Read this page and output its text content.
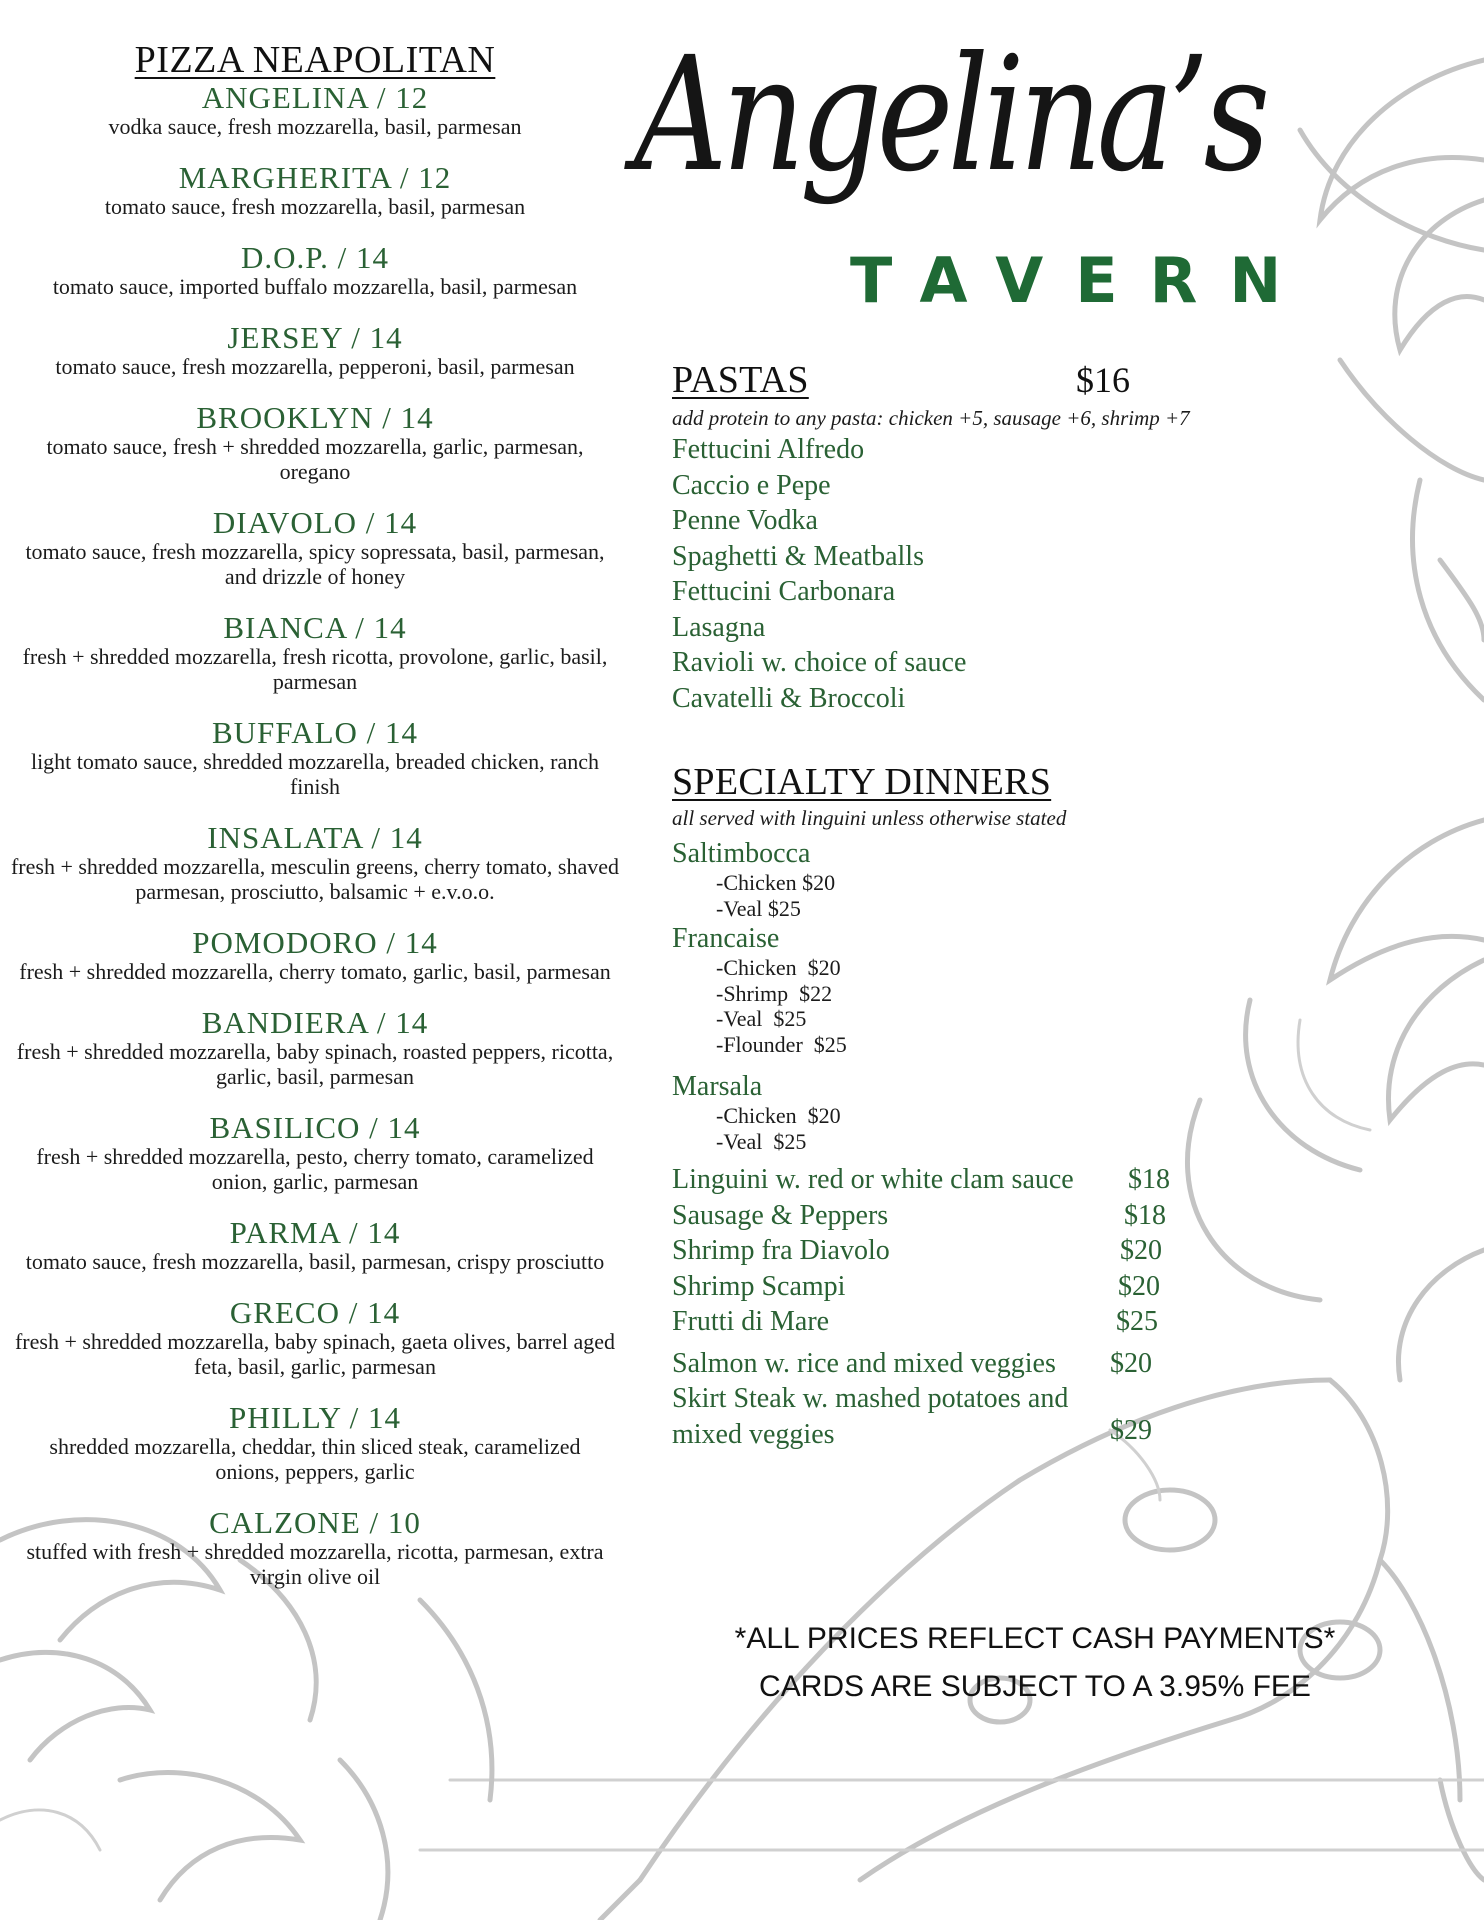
PIZZA NEAPOLITAN
ANGELINA / 12
vodka sauce, fresh mozzarella, basil, parmesan
MARGHERITA / 12
tomato sauce, fresh mozzarella, basil, parmesan
D.O.P. / 14
tomato sauce, imported buffalo mozzarella, basil, parmesan
JERSEY / 14
tomato sauce, fresh mozzarella, pepperoni, basil, parmesan
BROOKLYN / 14
tomato sauce, fresh + shredded mozzarella, garlic, parmesan, oregano
DIAVOLO / 14
tomato sauce, fresh mozzarella, spicy sopressata, basil, parmesan, and drizzle of honey
BIANCA / 14
fresh + shredded mozzarella, fresh ricotta, provolone, garlic, basil, parmesan
BUFFALO / 14
light tomato sauce, shredded mozzarella, breaded chicken, ranch finish
INSALATA / 14
fresh + shredded mozzarella, mesculin greens, cherry tomato, shaved parmesan, prosciutto, balsamic + e.v.o.o.
POMODORO / 14
fresh + shredded mozzarella, cherry tomato, garlic, basil, parmesan
BANDIERA / 14
fresh + shredded mozzarella, baby spinach, roasted peppers, ricotta, garlic, basil, parmesan
BASILICO / 14
fresh + shredded mozzarella, pesto, cherry tomato, caramelized onion, garlic, parmesan
PARMA / 14
tomato sauce, fresh mozzarella, basil, parmesan, crispy prosciutto
GRECO / 14
fresh + shredded mozzarella, baby spinach, gaeta olives, barrel aged feta, basil, garlic, parmesan
PHILLY / 14
shredded mozzarella, cheddar, thin sliced steak, caramelized onions, peppers, garlic
CALZONE / 10
stuffed with fresh + shredded mozzarella, ricotta, parmesan, extra virgin olive oil
Angelina’s
TAVERN
PASTAS	$16
add protein to any pasta: chicken +5, sausage +6, shrimp +7
Fettucini Alfredo
Caccio e Pepe
Penne Vodka
Spaghetti & Meatballs
Fettucini Carbonara
Lasagna
Ravioli w. choice of sauce
Cavatelli & Broccoli
SPECIALTY DINNERS
all served with linguini unless otherwise stated
Saltimbocca
-Chicken $20
-Veal $25
Francaise
-Chicken  $20
-Shrimp  $22
-Veal  $25
-Flounder  $25
Marsala
-Chicken  $20
-Veal  $25
Linguini w. red or white clam sauce $18
Sausage & Peppers	$18
Shrimp fra Diavolo	$20
Shrimp Scampi	$20
Frutti di Mare	$25
Salmon w. rice and mixed veggies $20
Skirt Steak w. mashed potatoes and
mixed veggies	$29
*ALL PRICES REFLECT CASH PAYMENTS*
CARDS ARE SUBJECT TO A 3.95% FEE
